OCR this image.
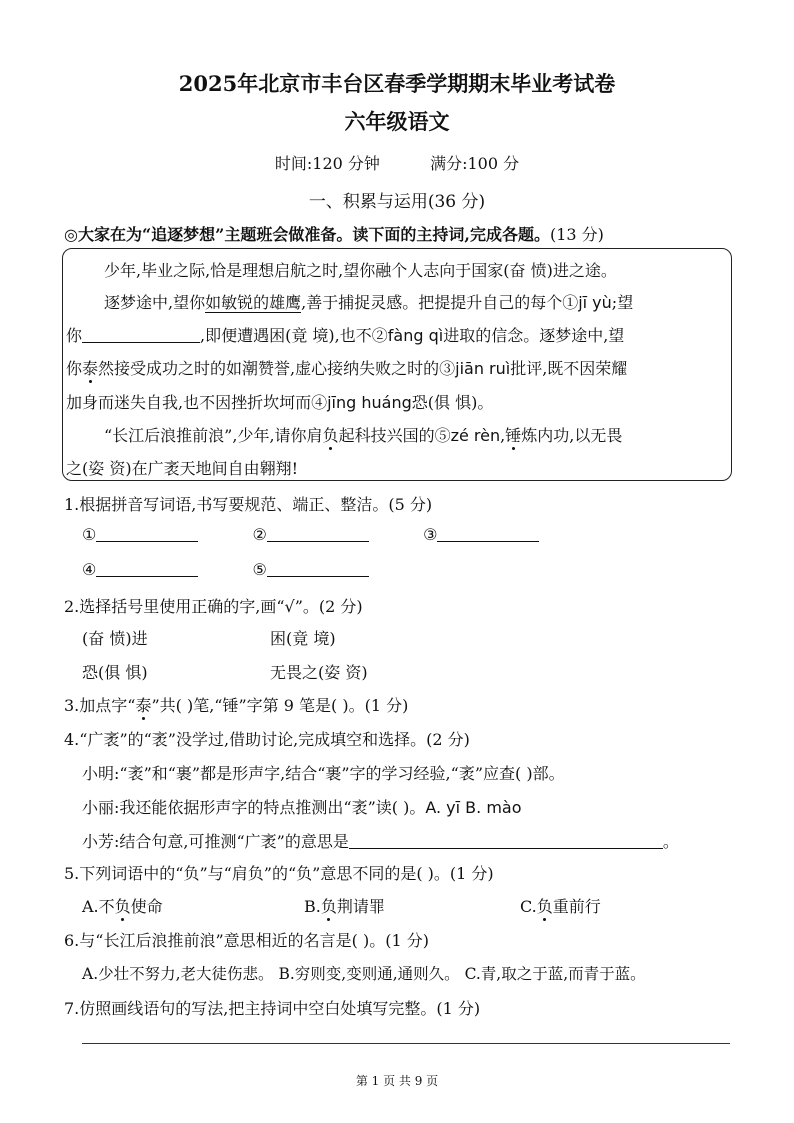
2025年北京市丰台区春季学期期末毕业考试卷
六年级语文
时间:120 分钟	满分:100 分
一、积累与运用(36 分)
◎大家在为“追逐梦想”主题班会做准备。读下面的主持词,完成各题。(13 分)
少年,毕业之际,恰是理想启航之时,望你融个人志向于国家(奋 愤)进之途。
逐梦途中,望你如敏锐的雄鹰,善于捕捉灵感。把提提升自己的每个①jī yù;望
你	,即便遭遇困(竟 境),也不②fàng qì进取的信念。逐梦途中,望
你泰然接受成功之时的如潮赞誉,虚心接纳失败之时的③jiān ruì批评,既不因荣耀
加身而迷失自我,也不因挫折坎坷而④jīng huáng恐(俱 惧)。
“长江后浪推前浪”,少年,请你肩负起科技兴国的⑤zé rèn,锤炼内功,以无畏
之(姿 资)在广袤天地间自由翱翔!
1.根据拼音写词语,书写要规范、端正、整洁。(5 分)
①	②	③
④	⑤
2.选择括号里使用正确的字,画“√”。(2 分)
(奋 愤)进	困(竟 境)
恐(俱 惧)	无畏之(姿 资)
3.加点字“泰”共( )笔,“锤”字第 9 笔是( )。(1 分)
4.“广袤”的“袤”没学过,借助讨论,完成填空和选择。(2 分)
小明:“袤”和“裹”都是形声字,结合“裹”字的学习经验,“袤”应查( )部。
小丽:我还能依据形声字的特点推测出“袤”读( )。A. yī B. mào
小芳:结合句意,可推测“广袤”的意思是	。
5.下列词语中的“负”与“肩负”的“负”意思不同的是( )。(1 分)
A.不负使命	B.负荆请罪	C.负重前行
6.与“长江后浪推前浪”意思相近的名言是( )。(1 分)
A.少壮不努力,老大徒伤悲。 B.穷则变,变则通,通则久。 C.青,取之于蓝,而青于蓝。
7.仿照画线语句的写法,把主持词中空白处填写完整。(1 分)
第 1 页 共 9 页
